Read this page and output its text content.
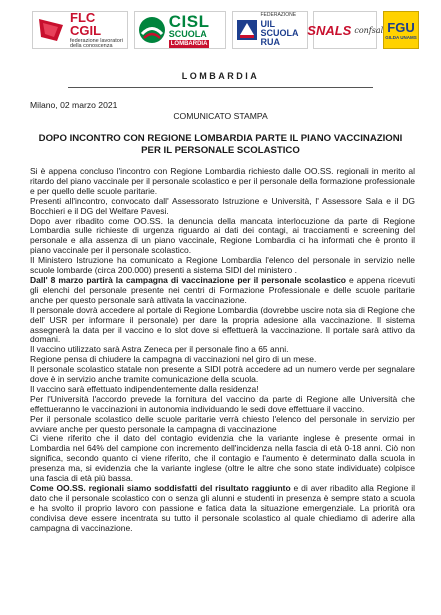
FLC CGIL
federazione lavoratori della conoscenza
CISL
SCUOLA
LOMBARDIA
FEDERAZIONE
UIL SCUOLA RUA
SNALS confsal FGU
GILDA UNAMS
LOMBARDIA
Milano, 02 marzo 2021
COMUNICATO STAMPA
DOPO INCONTRO CON REGIONE LOMBARDIA PARTE IL PIANO VACCINAZIONI
PER IL PERSONALE SCOLASTICO

Si è appena concluso l'incontro con Regione Lombardia richiesto dalle OO.SS. regionali in merito al ritardo del piano vaccinale per il personale scolastico e per il personale della formazione professionale e per quello delle scuole paritarie.

Presenti all'incontro, convocato dall' Assessorato Istruzione e Università, l' Assessore Sala e il DG Bocchieri e il DG del Welfare Pavesi.

Dopo aver ribadito come OO.SS. la denuncia della mancata interlocuzione da parte di Regione Lombardia sulle richieste di urgenza riguardo ai dati dei contagi, ai tracciamenti e screening del personale e alla assenza di un piano vaccinale, Regione Lombardia ci ha informati che è pronto il piano vaccinale per il personale scolastico.

Il Ministero Istruzione ha comunicato a Regione Lombardia l'elenco del personale in servizio nelle scuole lombarde (circa 200.000) presenti a sistema SIDI del ministero .

Dall' 8 marzo partirà la campagna di vaccinazione per il personale scolastico e appena ricevuti gli elenchi del personale presente nei centri di Formazione Professionale e delle scuole paritarie anche per questo personale sarà attivata la vaccinazione.

Il personale dovrà accedere al portale di Regione Lombardia (dovrebbe uscire nota sia di Regione che dell' USR per informare il personale) per dare la propria adesione alla vaccinazione. Il sistema assegnerà la data per il vaccino e lo slot dove si effettuerà la vaccinazione. Il portale sarà attivo da domani.

Il vaccino utilizzato sarà Astra Zeneca per il personale fino a 65 anni.

Regione pensa di chiudere la campagna di vaccinazioni nel giro di un mese.

Il personale scolastico statale non presente a SIDI potrà accedere ad un numero verde per segnalare dove è in servizio anche tramite comunicazione della scuola.

Il vaccino sarà effettuato indipendentemente dalla residenza!

Per l'Università l'accordo prevede la fornitura del vaccino da parte di Regione alle Università che effettueranno le vaccinazioni in autonomia individuando le sedi dove effettuare il vaccino.

Per il personale scolastico delle scuole paritarie verrà chiesto l'elenco del personale in servizio per avviare anche per questo personale la campagna di vaccinazione

Ci viene riferito che il dato del contagio evidenzia che la variante inglese è presente ormai in Lombardia nel 64% del campione con incremento dell'incidenza nella fascia di età 0-18 anni. Ciò non significa, secondo quanto ci viene riferito, che il contagio e l'aumento è determinato dalla scuola in presenza ma, si evidenzia che la variante inglese (oltre le altre che sono state individuate) colpisce una fascia di età più bassa.

Come OO.SS. regionali siamo soddisfatti del risultato raggiunto e di aver ribadito alla Regione il dato che il personale scolastico con o senza gli alunni e studenti in presenza è sempre stato a scuola e ha svolto il proprio lavoro con passione e fatica data la situazione emergenziale. La priorità ora condivisa deve essere incentrata su tutto il personale scolastico al quale chiediamo di aderire alla campagna di vaccinazione.
